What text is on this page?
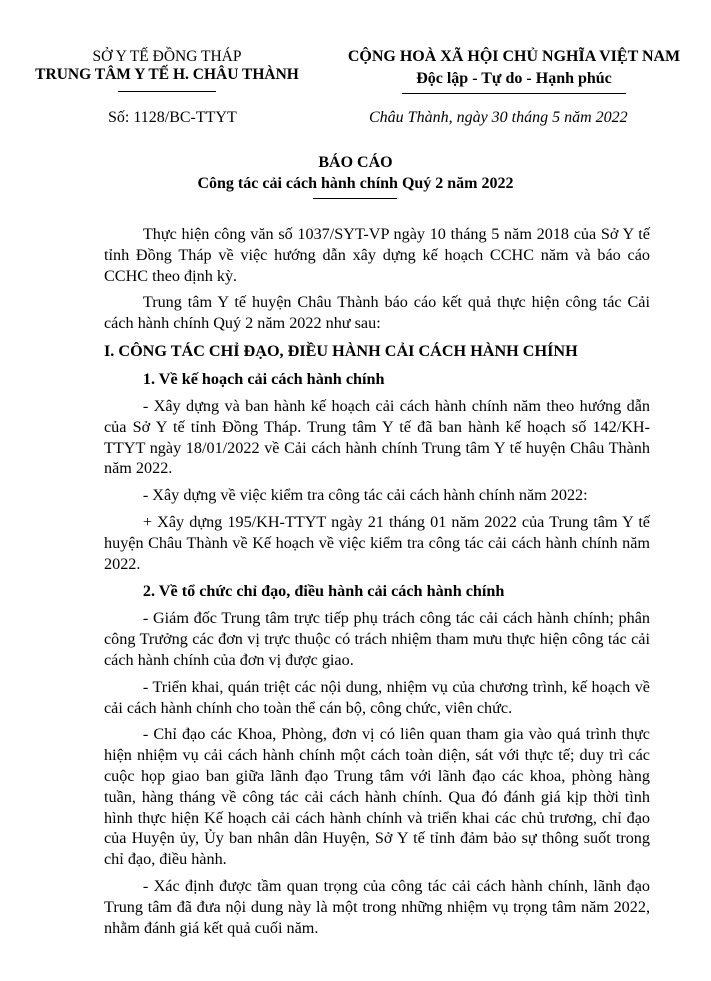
SỞ Y TẾ ĐỒNG THÁP
TRUNG TÂM Y TẾ H. CHÂU THÀNH
CỘNG HOÀ XÃ HỘI CHỦ NGHĨA VIỆT NAM
Độc lập - Tự do - Hạnh phúc
Số: 1128/BC-TTYT	Châu Thành, ngày 30 tháng 5 năm 2022
BÁO CÁO
Công tác cải cách hành chính Quý 2 năm 2022

Thực hiện công văn số 1037/SYT-VP ngày 10 tháng 5 năm 2018 của Sở Y tế tỉnh Đồng Tháp về việc hướng dẫn xây dựng kế hoạch CCHC năm và báo cáo CCHC theo định kỳ.

Trung tâm Y tế huyện Châu Thành báo cáo kết quả thực hiện công tác Cải cách hành chính Quý 2 năm 2022 như sau:

I. CÔNG TÁC CHỈ ĐẠO, ĐIỀU HÀNH CẢI CÁCH HÀNH CHÍNH
1. Về kế hoạch cải cách hành chính

- Xây dựng và ban hành kế hoạch cải cách hành chính năm theo hướng dẫn của Sở Y tế tỉnh Đồng Tháp. Trung tâm Y tế đã ban hành kế hoạch số 142/KH-TTYT ngày 18/01/2022 về Cải cách hành chính Trung tâm Y tế huyện Châu Thành năm 2022.

- Xây dựng về việc kiểm tra công tác cải cách hành chính năm 2022:

+ Xây dựng 195/KH-TTYT ngày 21 tháng 01 năm 2022 của Trung tâm Y tế huyện Châu Thành về Kế hoạch về việc kiểm tra công tác cải cách hành chính năm 2022.

2. Về tổ chức chỉ đạo, điều hành cải cách hành chính

- Giám đốc Trung tâm trực tiếp phụ trách công tác cải cách hành chính; phân công Trưởng các đơn vị trực thuộc có trách nhiệm tham mưu thực hiện công tác cải cách hành chính của đơn vị được giao.

- Triển khai, quán triệt các nội dung, nhiệm vụ của chương trình, kế hoạch về cải cách hành chính cho toàn thể cán bộ, công chức, viên chức.

- Chỉ đạo các Khoa, Phòng, đơn vị có liên quan tham gia vào quá trình thực hiện nhiệm vụ cải cách hành chính một cách toàn diện, sát với thực tế; duy trì các cuộc họp giao ban giữa lãnh đạo Trung tâm với lãnh đạo các khoa, phòng hàng tuần, hàng tháng về công tác cải cách hành chính. Qua đó đánh giá kịp thời tình hình thực hiện Kế hoạch cải cách hành chính và triển khai các chủ trương, chỉ đạo của Huyện ủy, Ủy ban nhân dân Huyện, Sở Y tế tỉnh đảm bảo sự thông suốt trong chỉ đạo, điều hành.

- Xác định được tầm quan trọng của công tác cải cách hành chính, lãnh đạo Trung tâm đã đưa nội dung này là một trong những nhiệm vụ trọng tâm năm 2022, nhằm đánh giá kết quả cuối năm.
